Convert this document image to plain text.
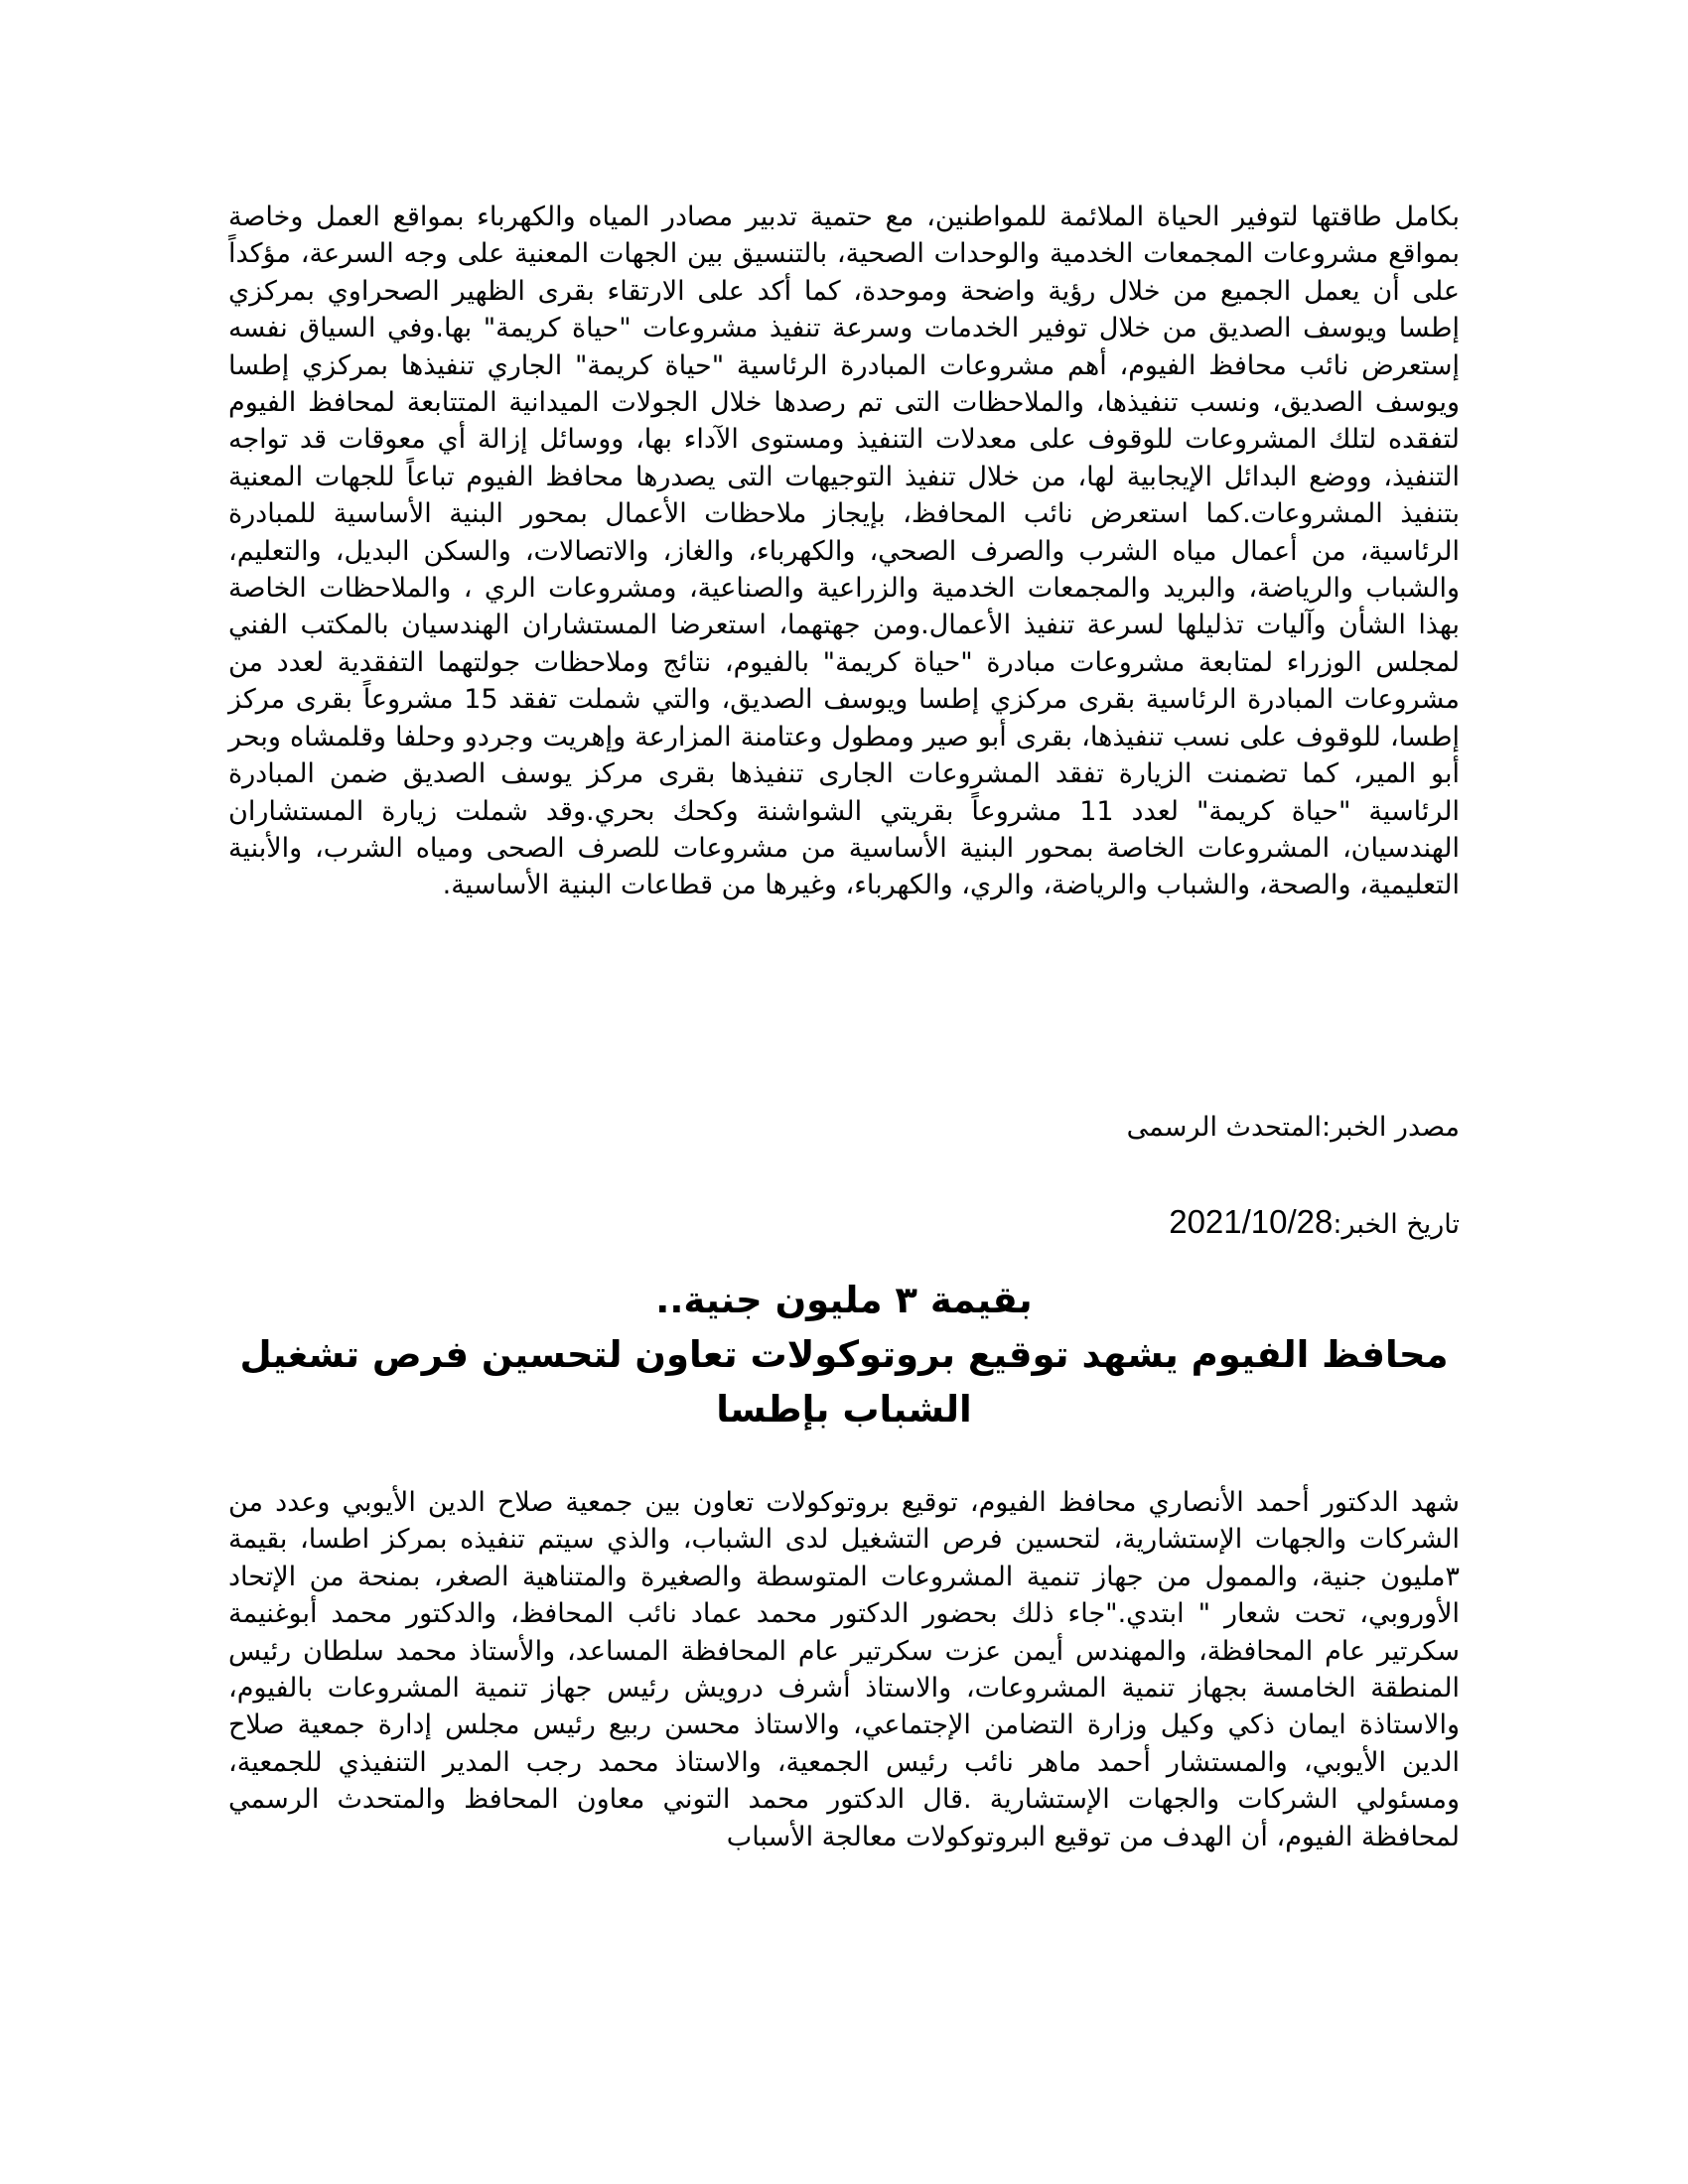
بكامل طاقتها لتوفير الحياة الملائمة للمواطنين، مع حتمية تدبير مصادر المياه والكهرباء بمواقع العمل وخاصة بمواقع مشروعات المجمعات الخدمية والوحدات الصحية، بالتنسيق بين الجهات المعنية على وجه السرعة، مؤكداً على أن يعمل الجميع من خلال رؤية واضحة وموحدة، كما أكد على الارتقاء بقرى الظهير الصحراوي بمركزي إطسا ويوسف الصديق من خلال توفير الخدمات وسرعة تنفيذ مشروعات "حياة كريمة" بها.وفي السياق نفسه إستعرض نائب محافظ الفيوم، أهم مشروعات المبادرة الرئاسية "حياة كريمة" الجاري تنفيذها بمركزي إطسا ويوسف الصديق، ونسب تنفيذها، والملاحظات التى تم رصدها خلال الجولات الميدانية المتتابعة لمحافظ الفيوم لتفقده لتلك المشروعات للوقوف على معدلات التنفيذ ومستوى الآداء بها، ووسائل إزالة أي معوقات قد تواجه التنفيذ، ووضع البدائل الإيجابية لها، من خلال تنفيذ التوجيهات التى يصدرها محافظ الفيوم تباعاً للجهات المعنية بتنفيذ المشروعات.كما استعرض نائب المحافظ، بإيجاز ملاحظات الأعمال بمحور البنية الأساسية للمبادرة الرئاسية، من أعمال مياه الشرب والصرف الصحي، والكهرباء، والغاز، والاتصالات، والسكن البديل، والتعليم، والشباب والرياضة، والبريد والمجمعات الخدمية والزراعية والصناعية، ومشروعات الري ، والملاحظات الخاصة بهذا الشأن وآليات تذليلها لسرعة تنفيذ الأعمال.ومن جهتهما، استعرضا المستشاران الهندسيان بالمكتب الفني لمجلس الوزراء لمتابعة مشروعات مبادرة "حياة كريمة" بالفيوم، نتائج وملاحظات جولتهما التفقدية لعدد من مشروعات المبادرة الرئاسية بقرى مركزي إطسا ويوسف الصديق، والتي شملت تفقد 15 مشروعاً بقرى مركز إطسا، للوقوف على نسب تنفيذها، بقرى أبو صير ومطول وعتامنة المزارعة وإهريت وجردو وحلفا وقلمشاه وبحر أبو المير، كما تضمنت الزيارة تفقد المشروعات الجارى تنفيذها بقرى مركز يوسف الصديق ضمن المبادرة الرئاسية "حياة كريمة" لعدد 11 مشروعاً بقريتي الشواشنة وكحك بحري.وقد شملت زيارة المستشاران الهندسيان، المشروعات الخاصة بمحور البنية الأساسية من مشروعات للصرف الصحى ومياه الشرب، والأبنية التعليمية، والصحة، والشباب والرياضة، والري، والكهرباء، وغيرها من قطاعات البنية الأساسية.

مصدر الخبر:المتحدث الرسمى

تاريخ الخبر:2021/10/28

بقيمة ٣ مليون جنية..
محافظ الفيوم يشهد توقيع بروتوكولات تعاون لتحسين فرص تشغيل الشباب بإطسا

شهد الدكتور أحمد الأنصاري محافظ الفيوم، توقيع بروتوكولات تعاون بين جمعية صلاح الدين الأيوبي وعدد من الشركات والجهات الإستشارية، لتحسين فرص التشغيل لدى الشباب، والذي سيتم تنفيذه بمركز اطسا، بقيمة ٣مليون جنية، والممول من جهاز تنمية المشروعات المتوسطة والصغيرة والمتناهية الصغر، بمنحة من الإتحاد الأوروبي، تحت شعار " ابتدي."جاء ذلك بحضور الدكتور محمد عماد نائب المحافظ، والدكتور محمد أبوغنيمة سكرتير عام المحافظة، والمهندس أيمن عزت سكرتير عام المحافظة المساعد، والأستاذ محمد سلطان رئيس المنطقة الخامسة بجهاز تنمية المشروعات، والاستاذ أشرف درويش رئيس جهاز تنمية المشروعات بالفيوم، والاستاذة ايمان ذكي وكيل وزارة التضامن الإجتماعي، والاستاذ محسن ربيع رئيس مجلس إدارة جمعية صلاح الدين الأيوبي، والمستشار أحمد ماهر نائب رئيس الجمعية، والاستاذ محمد رجب المدير التنفيذي للجمعية، ومسئولي الشركات والجهات الإستشارية .قال الدكتور محمد التوني معاون المحافظ والمتحدث الرسمي لمحافظة الفيوم، أن الهدف من توقيع البروتوكولات معالجة الأسباب
